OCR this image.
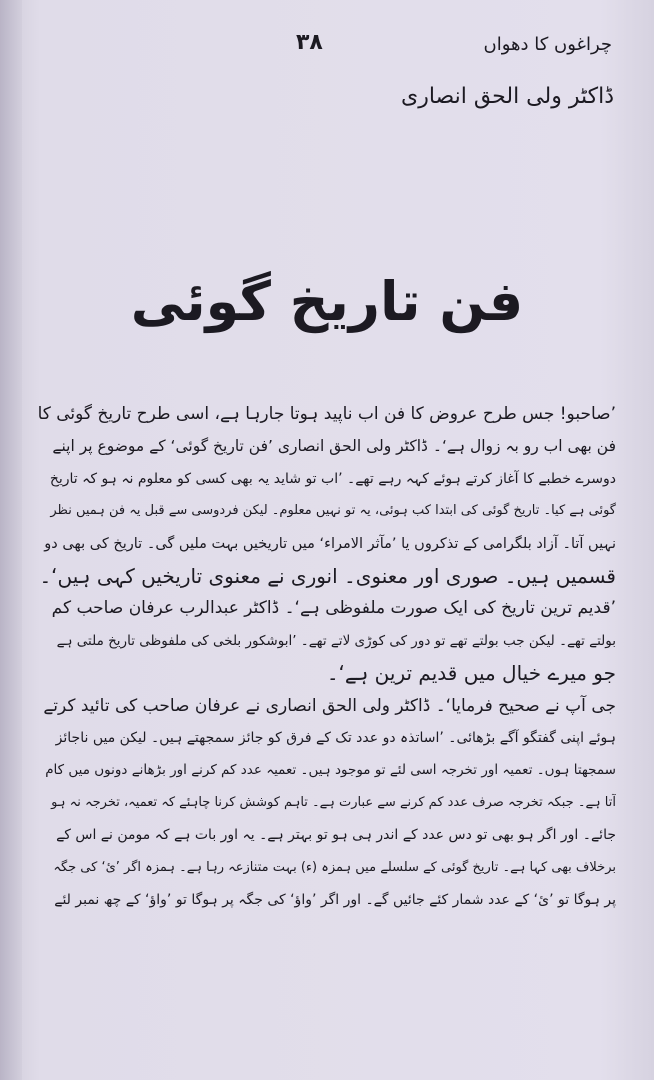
۳۸	چراغوں کا دھواں
ڈاکٹر ولی الحق انصاری
فن تاریخ گوئی

’صاحبو! جس طرح عروض کا فن اب ناپید ہوتا جارہا ہے، اسی طرح تاریخ گوئی کا
فن بھی اب رو بہ زوال ہے‘۔ ڈاکٹر ولی الحق انصاری ’فن تاریخ گوئی‘ کے موضوع پر اپنے
دوسرے خطبے کا آغاز کرتے ہوئے کہہ رہے تھے۔ ’اب تو شاید یہ بھی کسی کو معلوم نہ ہو کہ تاریخ
گوئی ہے کیا۔ تاریخ گوئی کی ابتدا کب ہوئی، یہ تو نہیں معلوم۔ لیکن فردوسی سے قبل یہ فن ہمیں نظر
نہیں آتا۔ آزاد بلگرامی کے تذکروں یا ’مآثر الامراء‘ میں تاریخیں بہت ملیں گی۔ تاریخ کی بھی دو
قسمیں ہیں۔ صوری اور معنوی۔ انوری نے معنوی تاریخیں کہی ہیں‘۔

’قدیم ترین تاریخ کی ایک صورت ملفوظی ہے‘۔ ڈاکٹر عبدالرب عرفان صاحب کم
بولتے تھے۔ لیکن جب بولتے تھے تو دور کی کوڑی لاتے تھے۔ ’ابوشکور بلخی کی ملفوظی تاریخ ملتی ہے
جو میرے خیال میں قدیم ترین ہے‘۔

جی آپ نے صحیح فرمایا‘۔ ڈاکٹر ولی الحق انصاری نے عرفان صاحب کی تائید کرتے
ہوئے اپنی گفتگو آگے بڑھائی۔ ’اساتذہ دو عدد تک کے فرق کو جائز سمجھتے ہیں۔ لیکن میں ناجائز
سمجھتا ہوں۔ تعمیہ اور تخرجہ اسی لئے تو موجود ہیں۔ تعمیہ عدد کم کرنے اور بڑھانے دونوں میں کام
آتا ہے۔ جبکہ تخرجہ صرف عدد کم کرنے سے عبارت ہے۔ تاہم کوشش کرنا چاہئے کہ تعمیہ، تخرجہ نہ ہو
جائے۔ اور اگر ہو بھی تو دس عدد کے اندر ہی ہو تو بہتر ہے۔ یہ اور بات ہے کہ مومن نے اس کے
برخلاف بھی کہا ہے۔ تاریخ گوئی کے سلسلے میں ہمزہ (ء) بہت متنازعہ رہا ہے۔ ہمزہ اگر ’ئ‘ کی جگہ
پر ہوگا تو ’ئ‘ کے عدد شمار کئے جائیں گے۔ اور اگر ’واؤ‘ کی جگہ پر ہوگا تو ’واؤ‘ کے چھ نمبر لئے
